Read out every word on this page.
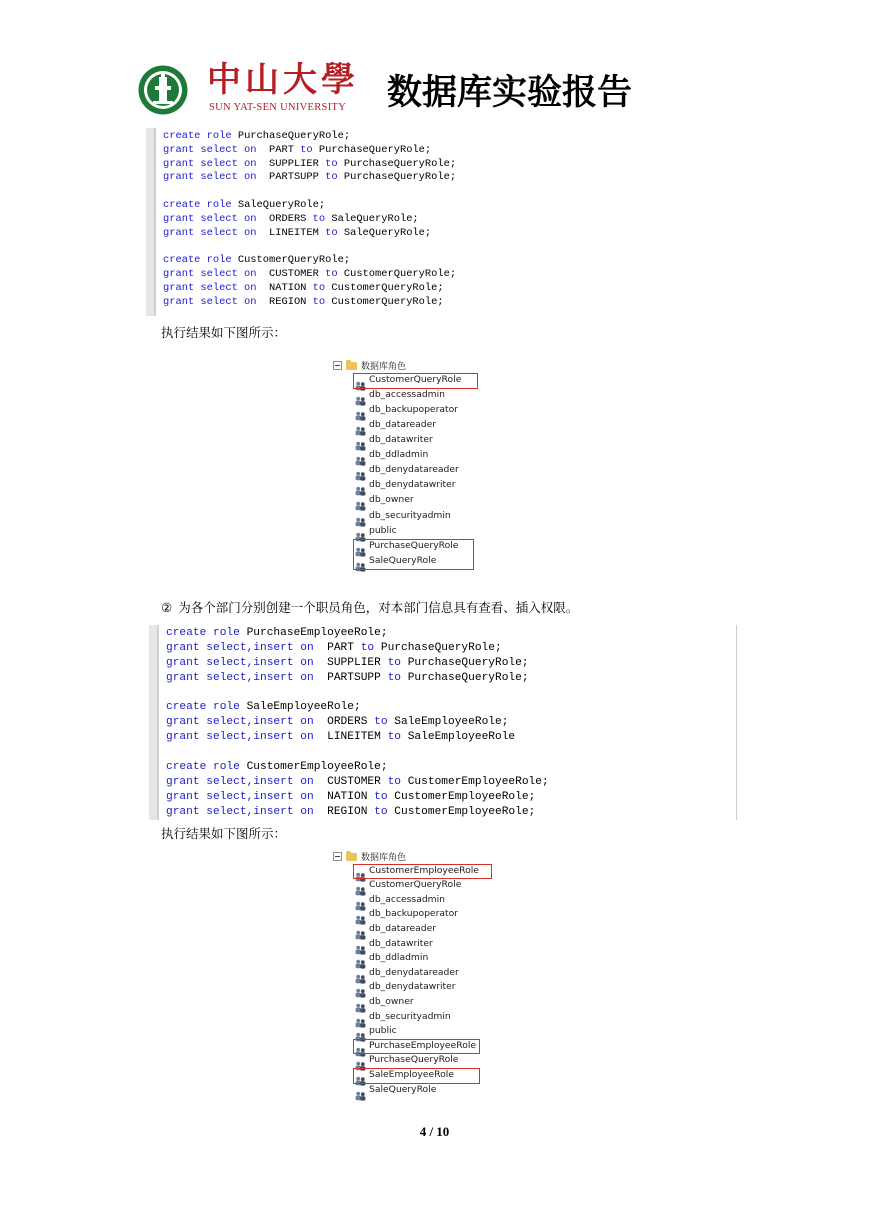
中山大學
SUN YAT-SEN UNIVERSITY 数据库实验报告
create role PurchaseQueryRole;
grant select on  PART to PurchaseQueryRole;
grant select on  SUPPLIER to PurchaseQueryRole;
grant select on  PARTSUPP to PurchaseQueryRole;
create role SaleQueryRole;
grant select on  ORDERS to SaleQueryRole;
grant select on  LINEITEM to SaleQueryRole;
create role CustomerQueryRole;
grant select on  CUSTOMER to CustomerQueryRole;
grant select on  NATION to CustomerQueryRole;
grant select on  REGION to CustomerQueryRole;
执行结果如下图所示：
数据库角色
CustomerQueryRole
db_accessadmin
db_backupoperator
db_datareader
db_datawriter
db_ddladmin
db_denydatareader
db_denydatawriter
db_owner
db_securityadmin
public
PurchaseQueryRole
SaleQueryRole
② 为各个部门分别创建一个职员角色，对本部门信息具有查看、插入权限。
create role PurchaseEmployeeRole;
grant select,insert on  PART to PurchaseQueryRole;
grant select,insert on  SUPPLIER to PurchaseQueryRole;
grant select,insert on  PARTSUPP to PurchaseQueryRole;
create role SaleEmployeeRole;
grant select,insert on  ORDERS to SaleEmployeeRole;
grant select,insert on  LINEITEM to SaleEmployeeRole
create role CustomerEmployeeRole;
grant select,insert on  CUSTOMER to CustomerEmployeeRole;
grant select,insert on  NATION to CustomerEmployeeRole;
grant select,insert on  REGION to CustomerEmployeeRole;
执行结果如下图所示：
数据库角色
CustomerEmployeeRole
CustomerQueryRole
db_accessadmin
db_backupoperator
db_datareader
db_datawriter
db_ddladmin
db_denydatareader
db_denydatawriter
db_owner
db_securityadmin
public
PurchaseEmployeeRole
PurchaseQueryRole
SaleEmployeeRole
SaleQueryRole
4 / 10
